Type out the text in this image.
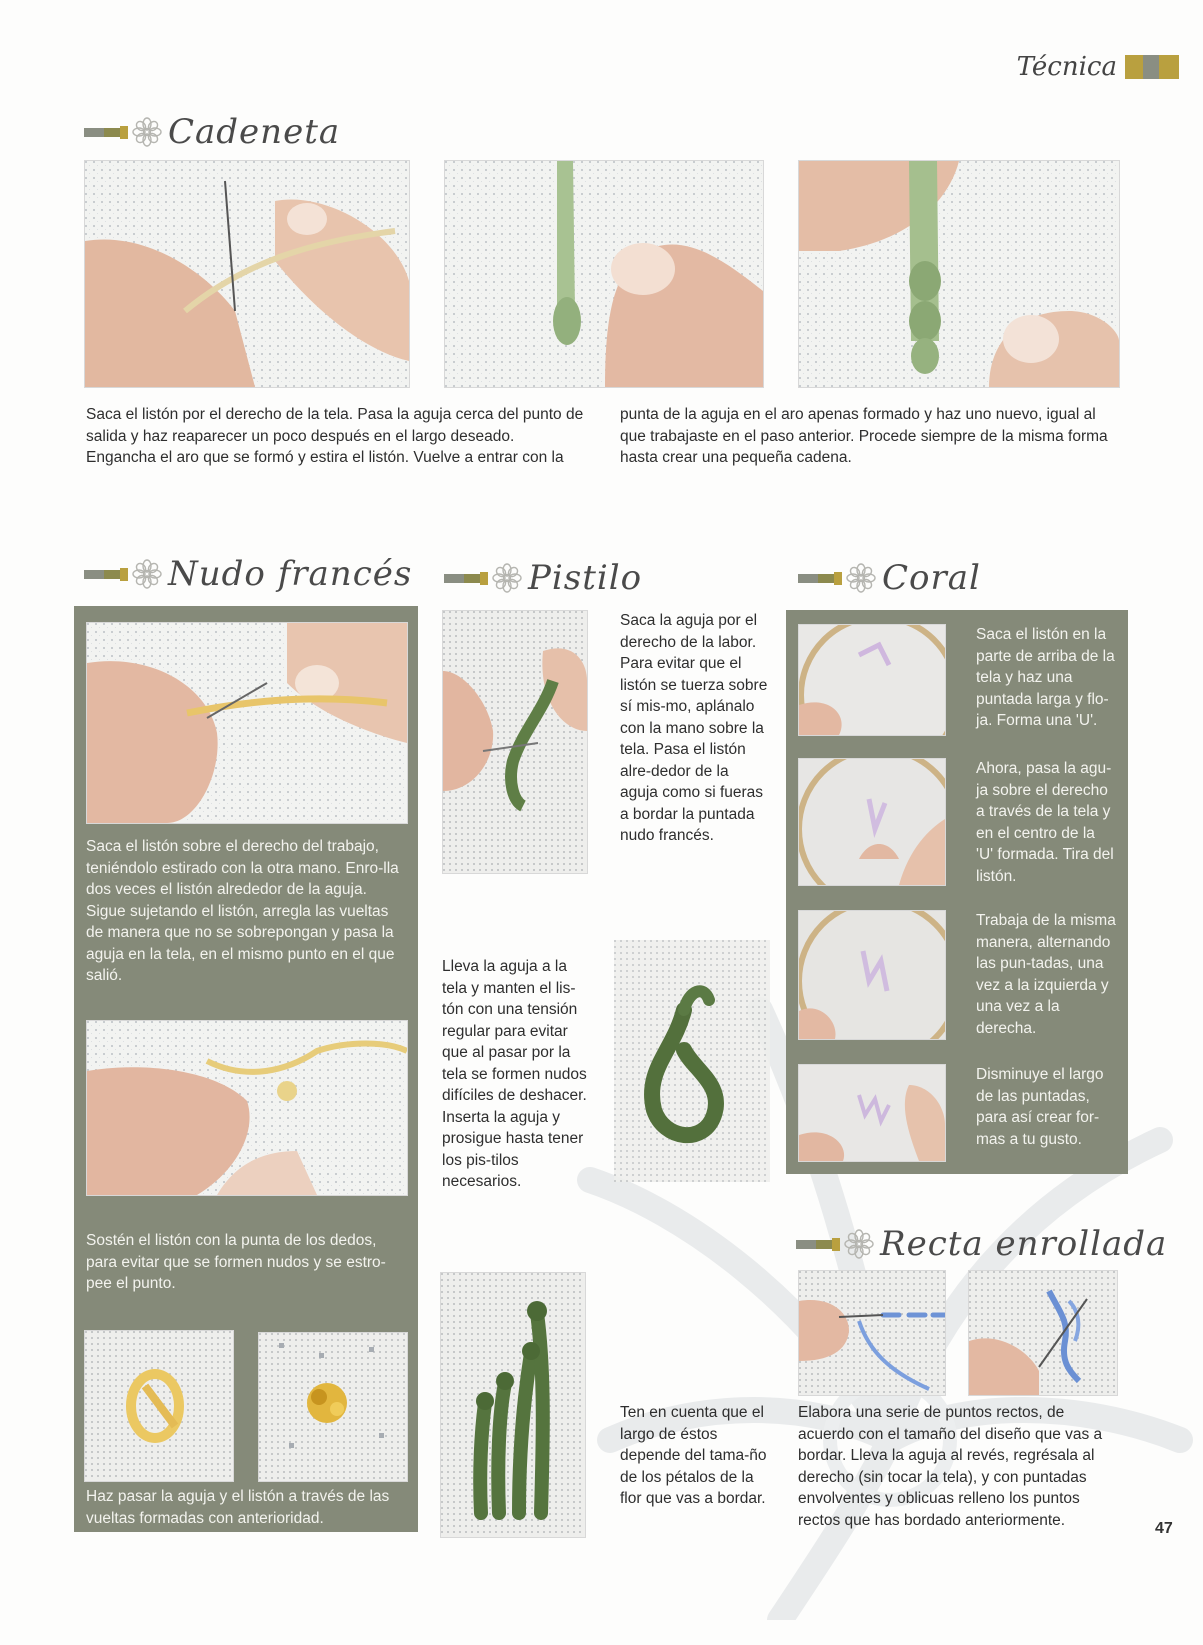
Técnica
Cadeneta
Saca el listón por el derecho de la tela. Pasa la aguja cerca del punto de salida y haz reaparecer un poco después en el largo deseado. Engancha el aro que se formó y estira el listón. Vuelve a entrar con la
punta de la aguja en el aro apenas formado y haz uno nuevo, igual al que trabajaste en el paso anterior. Procede siempre de la misma forma hasta crear una pequeña cadena.
Nudo francés
Saca el listón sobre el derecho del trabajo, teniéndolo estirado con la otra mano. Enro-lla dos veces el listón alrededor de la aguja. Sigue sujetando el listón, arregla las vueltas de manera que no se sobrepongan y pasa la aguja en la tela, en el mismo punto en el que salió.
Sostén el listón con la punta de los dedos, para evitar que se formen nudos y se estro-pee el punto.
Haz pasar la aguja y el listón a través de las vueltas formadas con anterioridad.
Pistilo
Saca la aguja por el derecho de la labor. Para evitar que el listón se tuerza sobre sí mis-mo, aplánalo con la mano sobre la tela. Pasa el listón alre-dedor de la aguja como si fueras a bordar la puntada nudo francés.
Lleva la aguja a la tela y manten el lis-tón con una tensión regular para evitar que al pasar por la tela se formen nudos difíciles de deshacer. Inserta la aguja y prosigue hasta tener los pis-tilos necesarios.
Ten en cuenta que el largo de éstos depende del tama-ño de los pétalos de la flor que vas a bordar.
Coral
Saca el listón en la parte de arriba de la tela y haz una puntada larga y flo-ja. Forma una 'U'.
Ahora, pasa la agu-ja sobre el derecho a través de la tela y en el centro de la 'U' formada. Tira del listón.
Trabaja de la misma manera, alternando las pun-tadas, una vez a la izquierda y una vez a la derecha.
Disminuye el largo de las puntadas, para así crear for-mas a tu gusto.
Recta enrollada
Elabora una serie de puntos rectos, de acuerdo con el tamaño del diseño que vas a bordar. Lleva la aguja al revés, regrésala al derecho (sin tocar la tela), y con puntadas envolventes y oblicuas relleno los puntos rectos que has bordado anteriormente.	47
